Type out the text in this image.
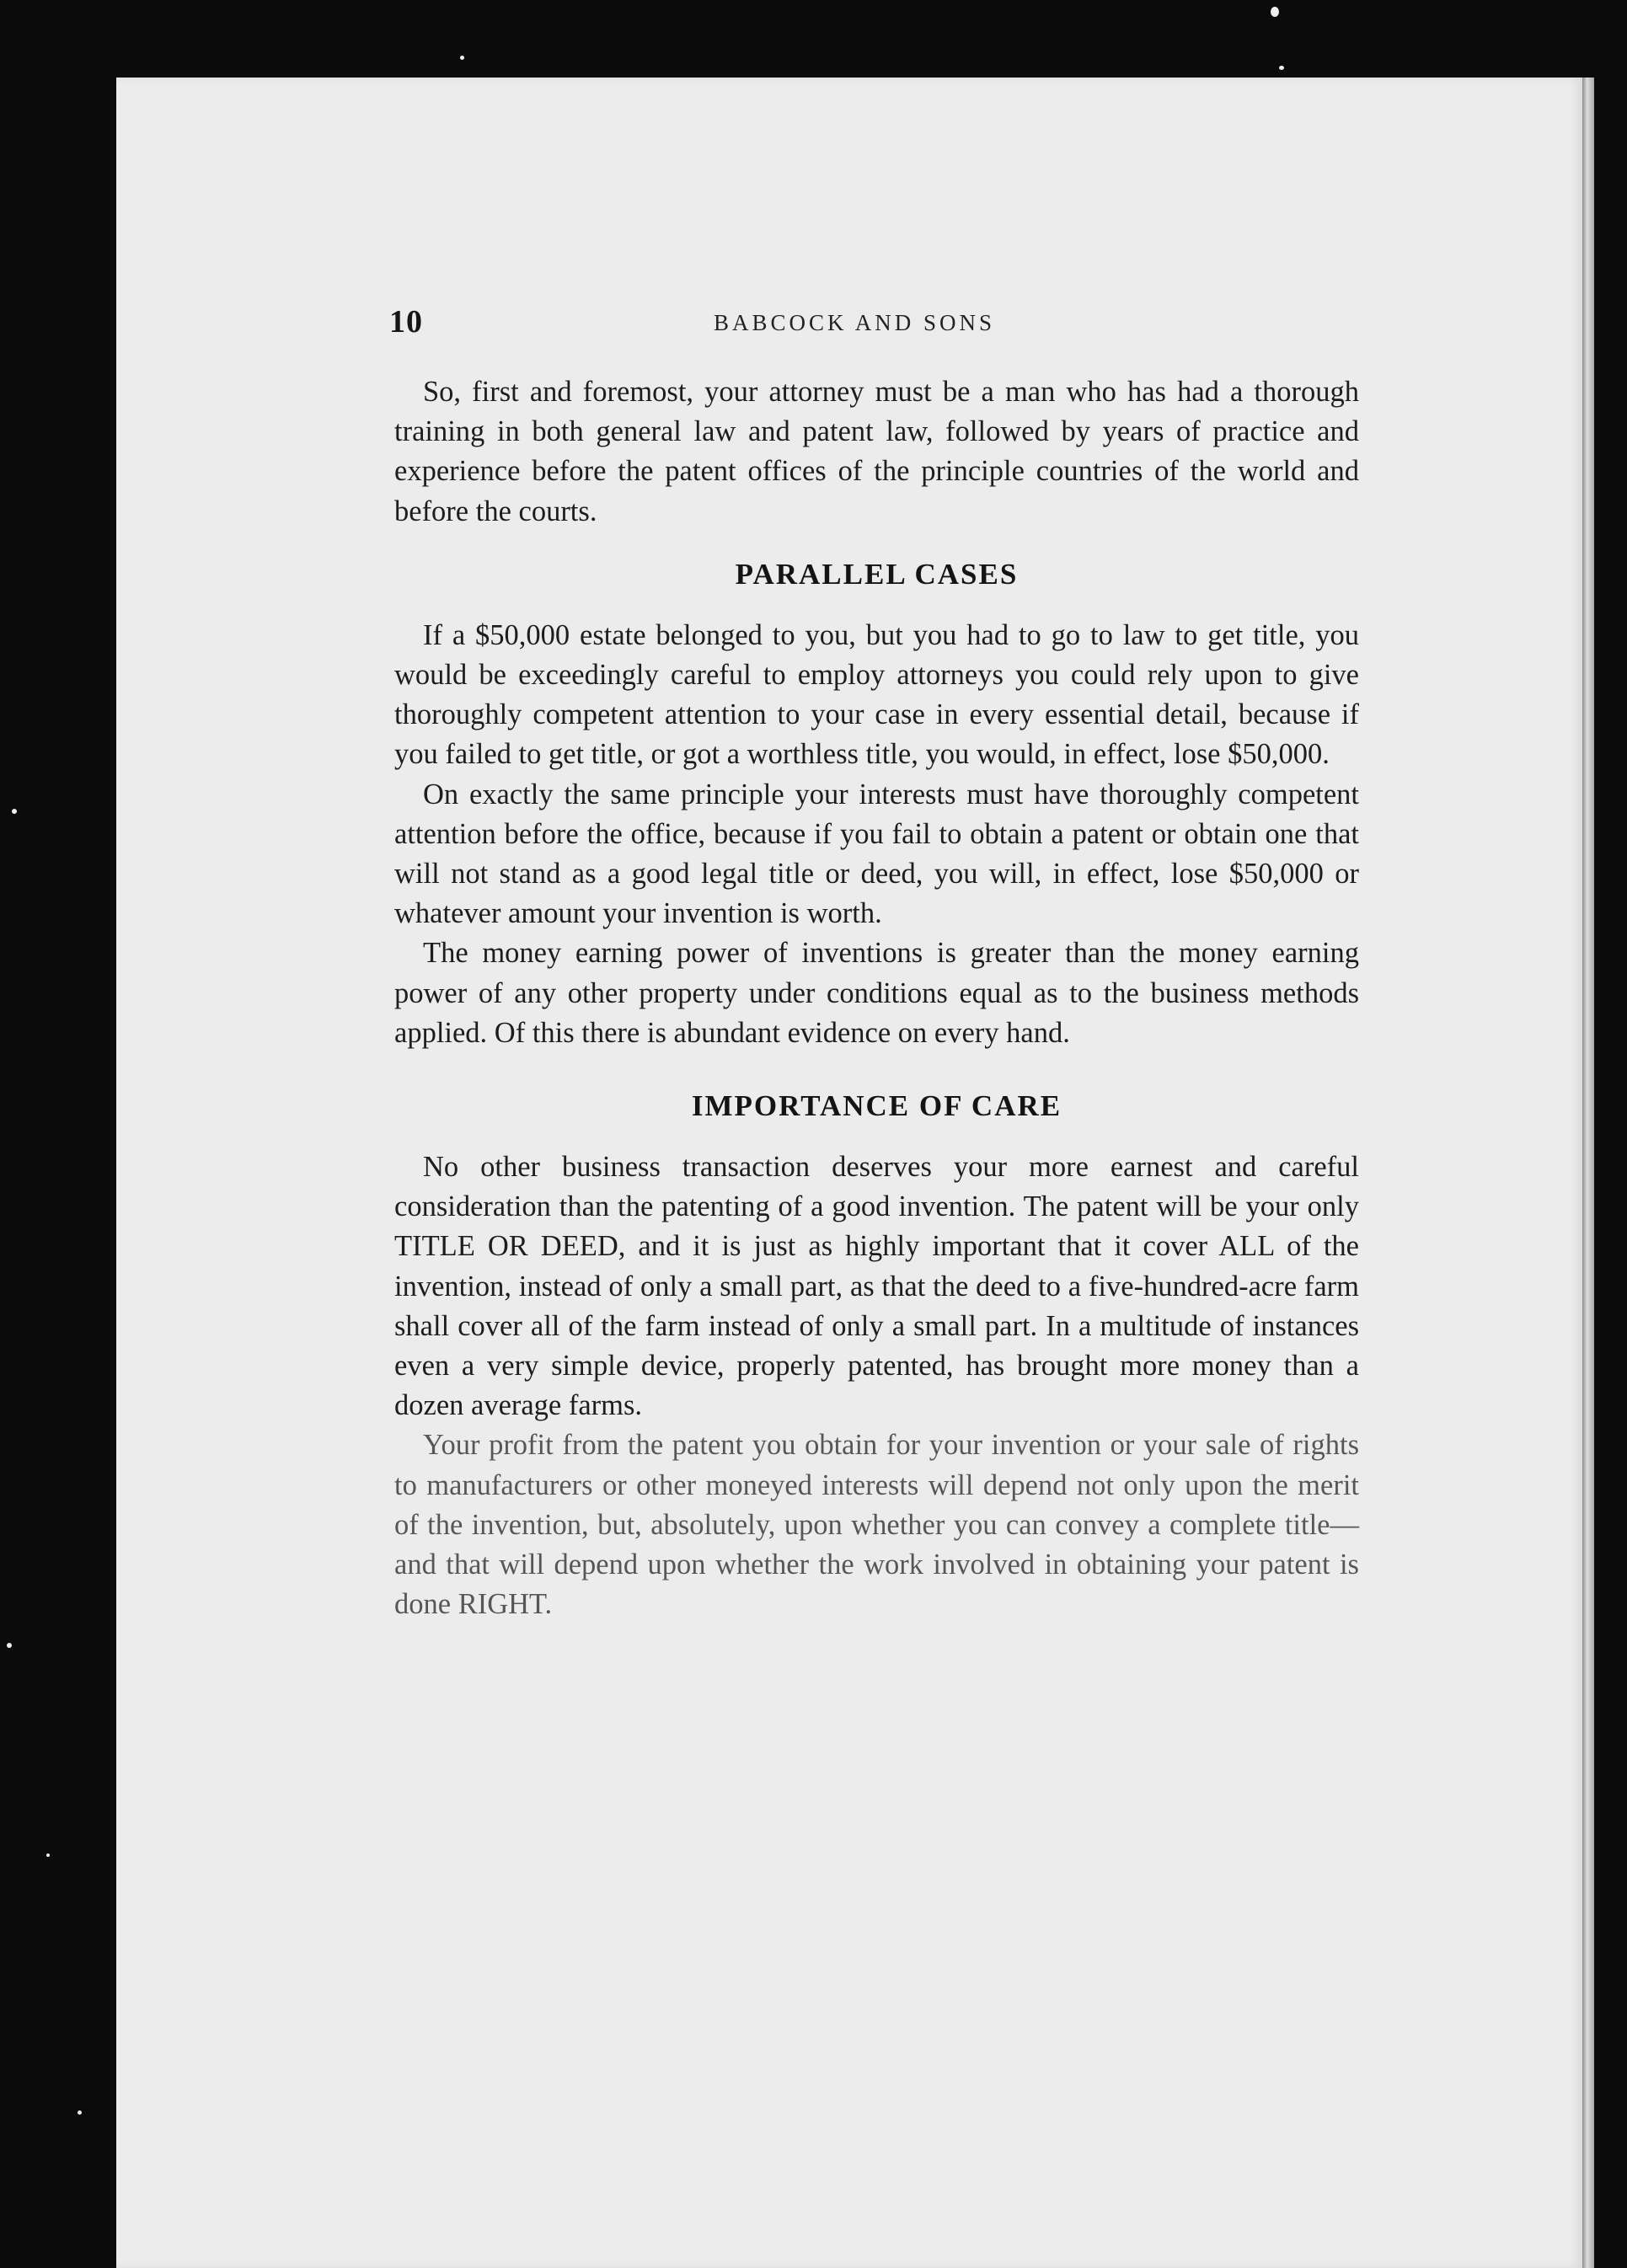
10	BABCOCK AND SONS

So, first and foremost, your attorney must be a man who has had a thorough training in both general law and patent law, followed by years of practice and experience before the patent offices of the principle countries of the world and before the courts.

PARALLEL CASES

If a $50,000 estate belonged to you, but you had to go to law to get title, you would be exceedingly careful to employ attorneys you could rely upon to give thoroughly competent attention to your case in every essential detail, because if you failed to get title, or got a worthless title, you would, in effect, lose $50,000.

On exactly the same principle your interests must have thoroughly competent attention before the office, because if you fail to obtain a patent or obtain one that will not stand as a good legal title or deed, you will, in effect, lose $50,000 or whatever amount your invention is worth.

The money earning power of inventions is greater than the money earning power of any other property under conditions equal as to the business methods applied. Of this there is abundant evidence on every hand.

IMPORTANCE OF CARE

No other business transaction deserves your more earnest and careful consideration than the patenting of a good invention. The patent will be your only TITLE OR DEED, and it is just as highly important that it cover ALL of the invention, instead of only a small part, as that the deed to a five-hundred-acre farm shall cover all of the farm instead of only a small part. In a multitude of instances even a very simple device, properly patented, has brought more money than a dozen average farms.

Your profit from the patent you obtain for your invention or your sale of rights to manufacturers or other moneyed interests will depend not only upon the merit of the invention, but, absolutely, upon whether you can convey a complete title—and that will depend upon whether the work involved in obtaining your patent is done RIGHT.
